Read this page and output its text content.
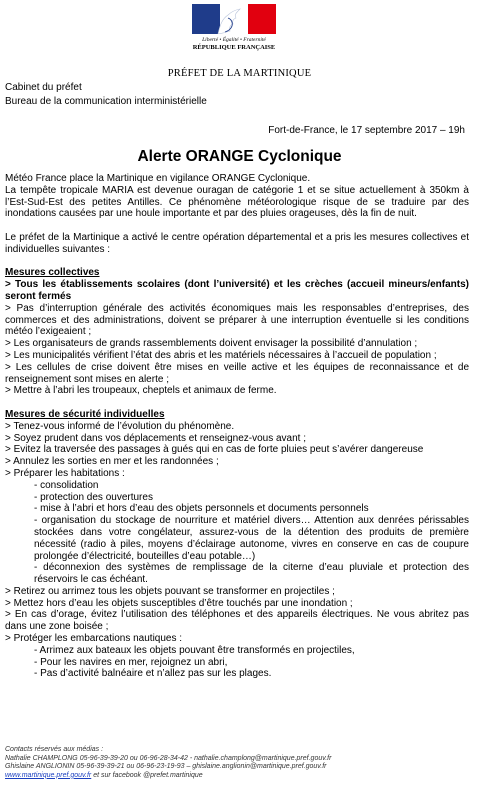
Liberté • Égalité • Fraternité
RÉPUBLIQUE FRANÇAISE
PRÉFET DE LA MARTINIQUE
Cabinet du préfet
Bureau de la communication interministérielle
Fort-de-France, le 17 septembre 2017 – 19h
Alerte ORANGE Cyclonique

Météo France place la Martinique en vigilance ORANGE Cyclonique.

La tempête tropicale MARIA est devenue ouragan de catégorie 1 et se situe actuellement à 350km à l’Est-Sud-Est des petites Antilles. Ce phénomène météorologique risque de se traduire par des inondations causées par une houle importante et par des pluies orageuses, dès la fin de nuit.

Le préfet de la Martinique a activé le centre opération départemental et a pris les mesures collectives et individuelles suivantes :

Mesures collectives

> Tous les établissements scolaires (dont l’université) et les crèches (accueil mineurs/enfants) seront fermés

> Pas d’interruption générale des activités économiques mais les responsables d’entreprises, des commerces et des administrations, doivent se préparer à une interruption éventuelle si les conditions météo l’exigeaient ;

> Les organisateurs de grands rassemblements doivent envisager la possibilité d’annulation ;

> Les municipalités vérifient l’état des abris et les matériels nécessaires à l’accueil de population ;

> Les cellules de crise doivent être mises en veille active et les équipes de reconnaissance et de renseignement sont mises en alerte ;

> Mettre à l’abri les troupeaux, cheptels et animaux de ferme.

Mesures de sécurité individuelles

> Tenez-vous informé de l’évolution du phénomène.

> Soyez prudent dans vos déplacements et renseignez-vous avant ;

> Evitez la traversée des passages à gués qui en cas de forte pluies peut s’avérer dangereuse

> Annulez les sorties en mer et les randonnées ;

> Préparer les habitations :

- consolidation

- protection des ouvertures

- mise à l’abri et hors d’eau des objets personnels et documents personnels

- organisation du stockage de nourriture et matériel divers… Attention aux denrées périssables stockées dans votre congélateur, assurez-vous de la détention des produits de première nécessité (radio à piles, moyens d’éclairage autonome, vivres en conserve en cas de coupure prolongée d’électricité, bouteilles d’eau potable…)

- déconnexion des systèmes de remplissage de la citerne d’eau pluviale et protection des réservoirs le cas échéant.

> Retirez ou arrimez tous les objets pouvant se transformer en projectiles ;

> Mettez hors d’eau les objets susceptibles d’être touchés par une inondation ;

> En cas d’orage, évitez l’utilisation des téléphones et des appareils électriques. Ne vous abritez pas dans une zone boisée ;

> Protéger les embarcations nautiques :

- Arrimez aux bateaux les objets pouvant être transformés en projectiles,

- Pour les navires en mer, rejoignez un abri,

- Pas d’activité balnéaire et n’allez pas sur les plages.

Contacts réservés aux médias :
Nathalie CHAMPLONG 05-96-39-39-20 ou 06-96-28-34-42 - nathalie.champlong@martinique.pref.gouv.fr
Ghislaine ANGLIONIN 05-96-39-39-21 ou 06-96-23-19-93 – ghislaine.anglionin@martinique.pref.gouv.fr
www.martinique.pref.gouv.fr et sur facebook @prefet.martinique
